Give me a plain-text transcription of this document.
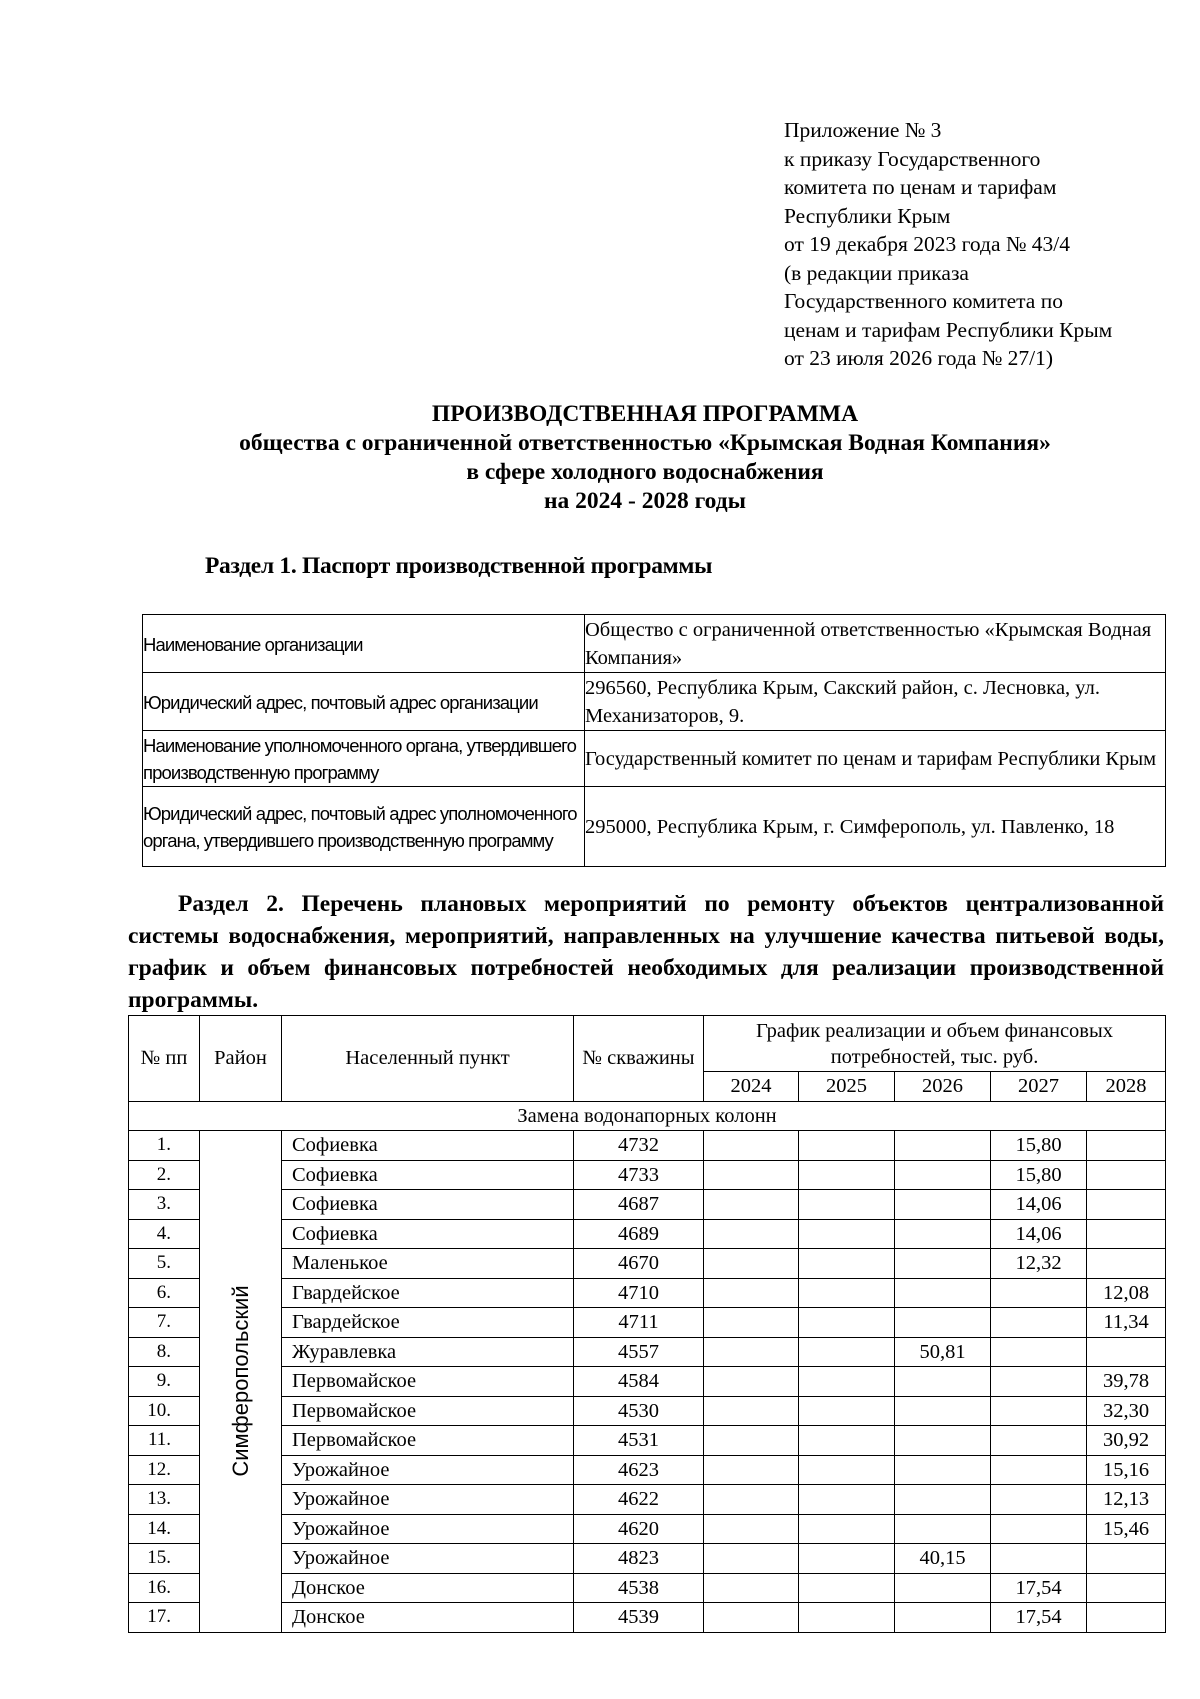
Приложение № 3
к приказу Государственного
комитета по ценам и тарифам
Республики Крым
от 19 декабря 2023 года № 43/4
(в редакции приказа
Государственного комитета по
ценам и тарифам Республики Крым
от 23 июля 2026 года № 27/1)
ПРОИЗВОДСТВЕННАЯ ПРОГРАММА
общества с ограниченной ответственностью «Крымская Водная Компания»
в сфере холодного водоснабжения
на 2024 - 2028 годы
Раздел 1. Паспорт производственной программы
Наименование организации	Общество с ограниченной ответственностью «Крымская Водная Компания»
Юридический адрес, почтовый адрес организации	296560, Республика Крым, Сакский район, с. Лесновка, ул. Механизаторов, 9.
Наименование уполномоченного органа, утвердившего производственную программу	Государственный комитет по ценам и тарифам Республики Крым
Юридический адрес, почтовый адрес уполномоченного органа, утвердившего производственную программу	295000, Республика Крым, г. Симферополь, ул. Павленко, 18
Раздел 2. Перечень плановых мероприятий по ремонту объектов централизованной системы водоснабжения, мероприятий, направленных на улучшение качества питьевой воды, график и объем финансовых потребностей необходимых для реализации производственной программы.
№ пп	Район	Населенный пункт	№ скважины	График реализации и объем финансовых потребностей, тыс. руб.				
				2024	2025	2026	2027	2028
Замена водонапорных колонн								
1.	Симферопольский	Софиевка	4732				15,80	
2.		Софиевка	4733				15,80	
3.		Софиевка	4687				14,06	
4.		Софиевка	4689				14,06	
5.		Маленькое	4670				12,32	
6.		Гвардейское	4710					12,08
7.		Гвардейское	4711					11,34
8.		Журавлевка	4557			50,81		
9.		Первомайское	4584					39,78
10.		Первомайское	4530					32,30
11.		Первомайское	4531					30,92
12.		Урожайное	4623					15,16
13.		Урожайное	4622					12,13
14.		Урожайное	4620					15,46
15.		Урожайное	4823			40,15		
16.		Донское	4538				17,54	
17.		Донское	4539				17,54	
